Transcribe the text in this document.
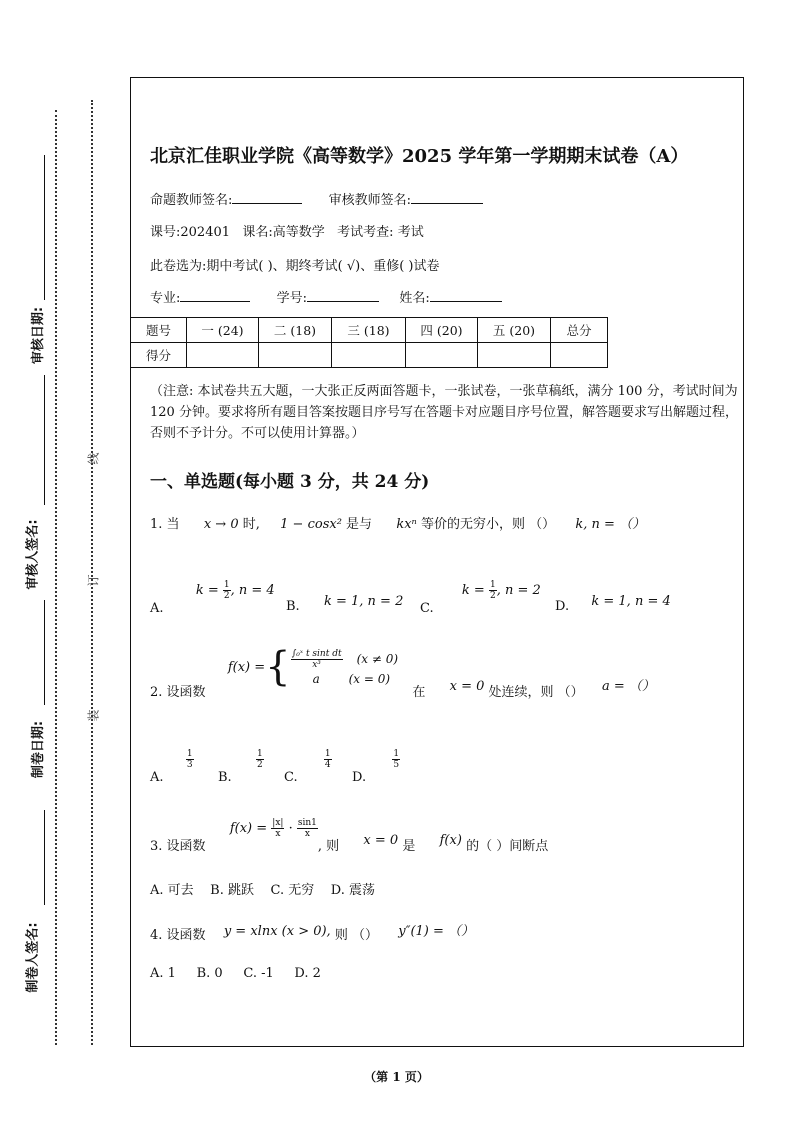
审核日期:
审核人签名:
制卷日期:
制卷人签名:
线
订
装
北京汇佳职业学院《高等数学》2025 学年第一学期期末试卷（A）
命题教师签名:	审核教师签名:
课号:202401   课名:高等数学   考试考查: 考试
此卷选为:期中考试( )、期终考试( √)、重修( )试卷
专业:	学号:	姓名:
题号	一 (24)	二 (18)	三 (18)	四 (20)	五 (20)	总分
得分						
（注意: 本试卷共五大题，一大张正反两面答题卡，一张试卷，一张草稿纸，满分 100 分，考试时间为 120 分钟。要求将所有题目答案按题目序号写在答题卡对应题目序号位置，解答题要求写出解题过程，否则不予计分。不可以使用计算器。）
一、单选题(每小题 3 分，共 24 分)
1. 当 x → 0 时, 1 − cosx² 是与 kxⁿ 等价的无穷小，则 （） k, n = （）
A.  $k = \frac{1}{2}$ , n = 4
B. k = 1, n = 2 C.  $k = \frac{1}{2}$ , n = 2
D. k = 1, n = 4
2. 设函数
f(x) = { $\frac{\text{∫₀ˣ t sint dt}}{\text{x³}} (x \ne 0)$
a	(x = 0)
在 x = 0 处连续，则 （） a = （）
A.
$\frac{1}{3}$
B.
$\frac{1}{2}$
C.
$\frac{1}{4}$
D.
$\frac{1}{5}$
3. 设函数  $f(x) = \frac{|x|}{x} \cdot \frac{\sin 1}{x}$
, 则 x = 0 是 f(x) 的（ ）间断点
A. 可去    B. 跳跃    C. 无穷    D. 震荡
4. 设函数 y = xlnx (x > 0), 则 （） y″(1) = （）
A. 1     B. 0     C. -1     D. 2
（第 1 页）
